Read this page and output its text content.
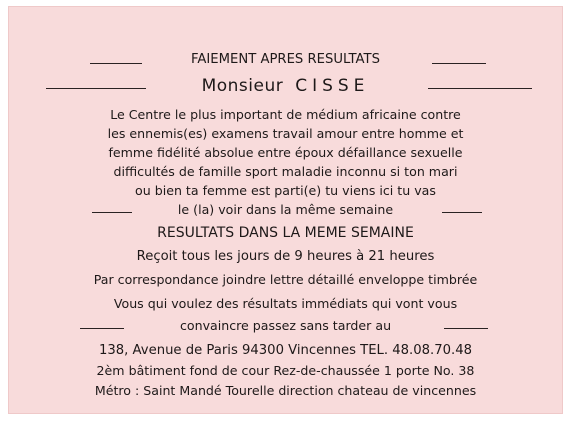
FAIEMENT APRES RESULTATS
Monsieur CISSE
Le Centre le plus important de médium africaine contre
les ennemis(es) examens travail amour entre homme et
femme fidélité absolue entre époux défaillance sexuelle
difficultés de famille sport maladie inconnu si ton mari
ou bien ta femme est parti(e) tu viens ici tu vas
le (la) voir dans la même semaine
RESULTATS DANS LA MEME SEMAINE
Reçoit tous les jours de 9 heures à 21 heures
Par correspondance joindre lettre détaillé enveloppe timbrée
Vous qui voulez des résultats immédiats qui vont vous
convaincre passez sans tarder au
138, Avenue de Paris 94300 Vincennes TEL. 48.08.70.48
2èm bâtiment fond de cour Rez-de-chaussée 1 porte No. 38
Métro : Saint Mandé Tourelle direction chateau de vincennes
